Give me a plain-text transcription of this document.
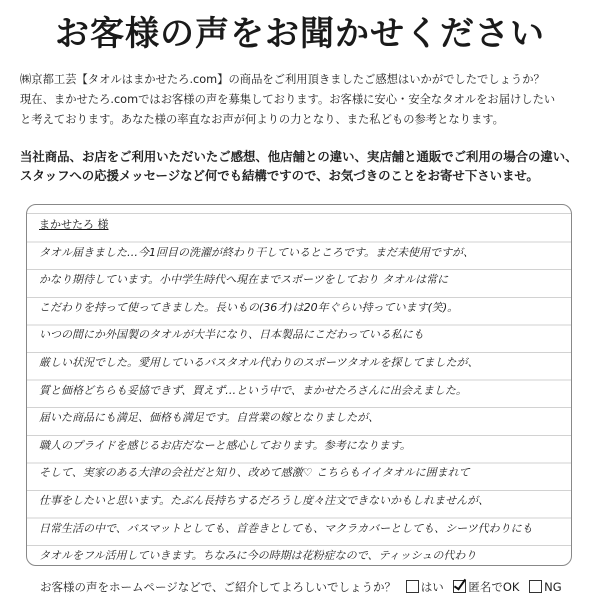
お客様の声をお聞かせください

㈱京都工芸【タオルはまかせたろ.com】の商品をご利用頂きましたご感想はいかがでしたでしょうか？

現在、まかせたろ.comではお客様の声を募集しております。お客様に安心・安全なタオルをお届けしたい

と考えております。あなた様の率直なお声が何よりの力となり、また私どもの参考となります。

当社商品、お店をご利用いただいたご感想、他店舗との違い、実店舗と通販でご利用の場合の違い、

スタッフへの応援メッセージなど何でも結構ですので、お気づきのことをお寄せ下さいませ。

まかせたろ 様

タオル届きました…今1回目の洗濯が終わり干しているところです。まだ未使用ですが、

かなり期待しています。小中学生時代へ現在までスポーツをしており タオルは常に

こだわりを持って使ってきました。長いもの(36才)は20年ぐらい持っています(笑)。

いつの間にか外国製のタオルが大半になり、日本製品にこだわっている私にも

厳しい状況でした。愛用しているバスタオル代わりのスポーツタオルを探してましたが、

質と価格どちらも妥協できず、買えず…という中で、まかせたろさんに出会えました。

届いた商品にも満足、価格も満足です。自営業の嫁となりましたが、

職人のプライドを感じるお店だなーと感心しております。参考になります。

そして、実家のある大津の会社だと知り、改めて感激♡ こちらもイイタオルに囲まれて

仕事をしたいと思います。たぶん長持ちするだろうし度々注文できないかもしれませんが、

日常生活の中で、バスマットとしても、首巻きとしても、マクラカバーとしても、シーツ代わりにも

タオルをフル活用していきます。ちなみに今の時期は花粉症なので、ティッシュの代わり

お客様の声をホームページなどで、ご紹介してよろしいでしょうか？ はい 匿名でOK NG
